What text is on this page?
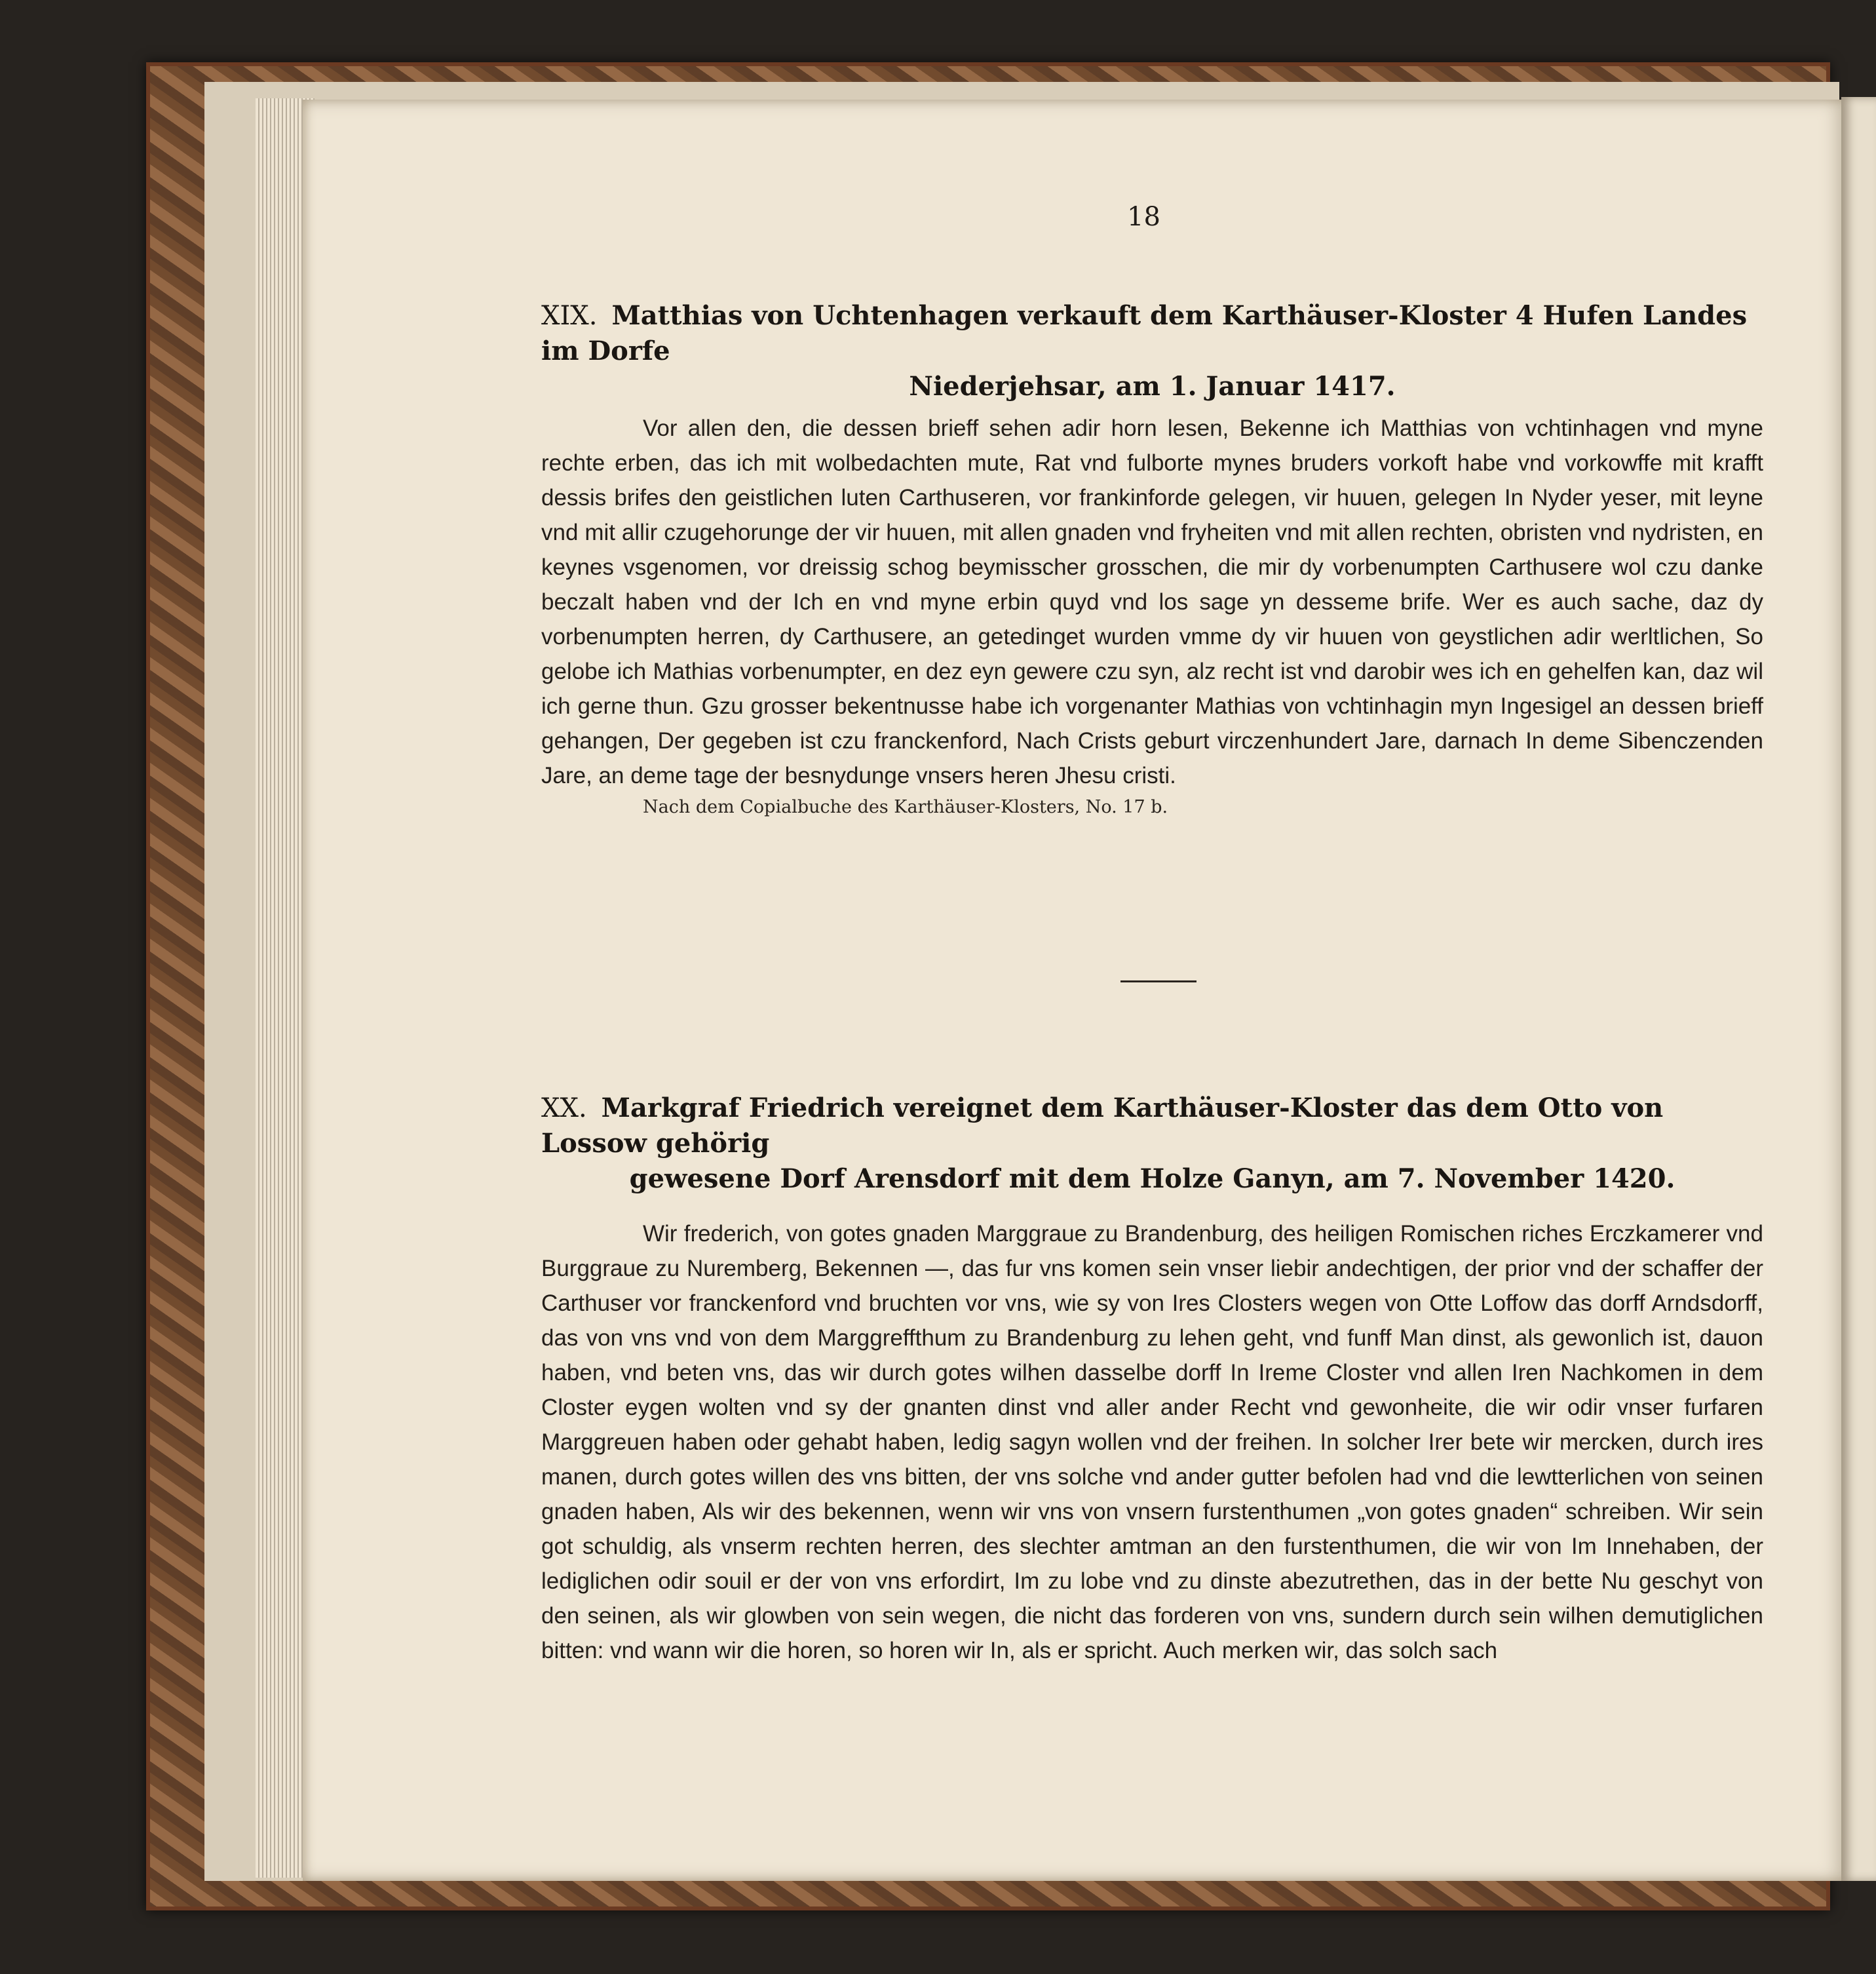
18
XIX. Matthias von Uchtenhagen verkauft dem Karthäuser-Kloster 4 Hufen Landes im Dorfe
Niederjehsar, am 1. Januar 1417.

Vor allen den, die dessen brieff sehen adir horn lesen, Bekenne ich Matthias von vchtinhagen vnd myne rechte erben, das ich mit wolbedachten mute, Rat vnd fulborte mynes bruders vorkoft habe vnd vorkowffe mit krafft dessis brifes den geistlichen luten Carthuseren, vor frankinforde gelegen, vir huuen, gelegen In Nyder yeser, mit leyne vnd mit allir czugehorunge der vir huuen, mit allen gnaden vnd fryheiten vnd mit allen rechten, obristen vnd nydristen, en keynes vsgenomen, vor dreissig schog beymisscher grosschen, die mir dy vorbenumpten Carthusere wol czu danke beczalt haben vnd der Ich en vnd myne erbin quyd vnd los sage yn desseme brife. Wer es auch sache, daz dy vorbenumpten herren, dy Carthusere, an getedinget wurden vmme dy vir huuen von geystlichen adir werltlichen, So gelobe ich Mathias vorbenumpter, en dez eyn gewere czu syn, alz recht ist vnd darobir wes ich en gehelfen kan, daz wil ich gerne thun. Gzu grosser bekentnusse habe ich vorgenanter Mathias von vchtinhagin myn Ingesigel an dessen brieff gehangen, Der gegeben ist czu franckenford, Nach Crists geburt virczenhundert Jare, darnach In deme Sibenczenden Jare, an deme tage der besnydunge vnsers heren Jhesu cristi.

Nach dem Copialbuche des Karthäuser-Klosters, No. 17 b.
XX. Markgraf Friedrich vereignet dem Karthäuser-Kloster das dem Otto von Lossow gehörig
gewesene Dorf Arensdorf mit dem Holze Ganyn, am 7. November 1420.

Wir frederich, von gotes gnaden Marggraue zu Brandenburg, des heiligen Romischen riches Erczkamerer vnd Burggraue zu Nuremberg, Bekennen —, das fur vns komen sein vnser liebir andechtigen, der prior vnd der schaffer der Carthuser vor franckenford vnd bruchten vor vns, wie sy von Ires Closters wegen von Otte Loffow das dorff Arndsdorff, das von vns vnd von dem Marggreffthum zu Brandenburg zu lehen geht, vnd funff Man dinst, als gewonlich ist, dauon haben, vnd beten vns, das wir durch gotes wilhen dasselbe dorff In Ireme Closter vnd allen Iren Nachkomen in dem Closter eygen wolten vnd sy der gnanten dinst vnd aller ander Recht vnd gewonheite, die wir odir vnser furfaren Marggreuen haben oder gehabt haben, ledig sagyn wollen vnd der freihen. In solcher Irer bete wir mercken, durch ires manen, durch gotes willen des vns bitten, der vns solche vnd ander gutter befolen had vnd die lewtterlichen von seinen gnaden haben, Als wir des bekennen, wenn wir vns von vnsern furstenthumen „von gotes gnaden“ schreiben. Wir sein got schuldig, als vnserm rechten herren, des slechter amtman an den furstenthumen, die wir von Im Innehaben, der lediglichen odir souil er der von vns erfordirt, Im zu lobe vnd zu dinste abezutrethen, das in der bette Nu geschyt von den seinen, als wir glowben von sein wegen, die nicht das forderen von vns, sundern durch sein wilhen demutiglichen bitten: vnd wann wir die horen, so horen wir In, als er spricht. Auch merken wir, das solch sach
